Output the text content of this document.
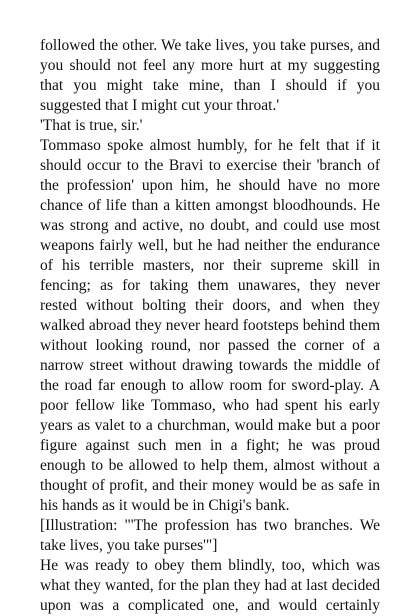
followed the other. We take lives, you take purses, and you should not feel any more hurt at my suggesting that you might take mine, than I should if you suggested that I might cut your throat.'

'That is true, sir.'

Tommaso spoke almost humbly, for he felt that if it should occur to the Bravi to exercise their 'branch of the profession' upon him, he should have no more chance of life than a kitten amongst bloodhounds. He was strong and active, no doubt, and could use most weapons fairly well, but he had neither the endurance of his terrible masters, nor their supreme skill in fencing; as for taking them unawares, they never rested without bolting their doors, and when they walked abroad they never heard footsteps behind them without looking round, nor passed the corner of a narrow street without drawing towards the middle of the road far enough to allow room for sword-play. A poor fellow like Tommaso, who had spent his early years as valet to a churchman, would make but a poor figure against such men in a fight; he was proud enough to be allowed to help them, almost without a thought of profit, and their money would be as safe in his hands as it would be in Chigi's bank.

[Illustration: "'The profession has two branches. We take lives, you take purses'"]

He was ready to obey them blindly, too, which was what they wanted, for the plan they had at last decided upon was a complicated one, and would certainly
